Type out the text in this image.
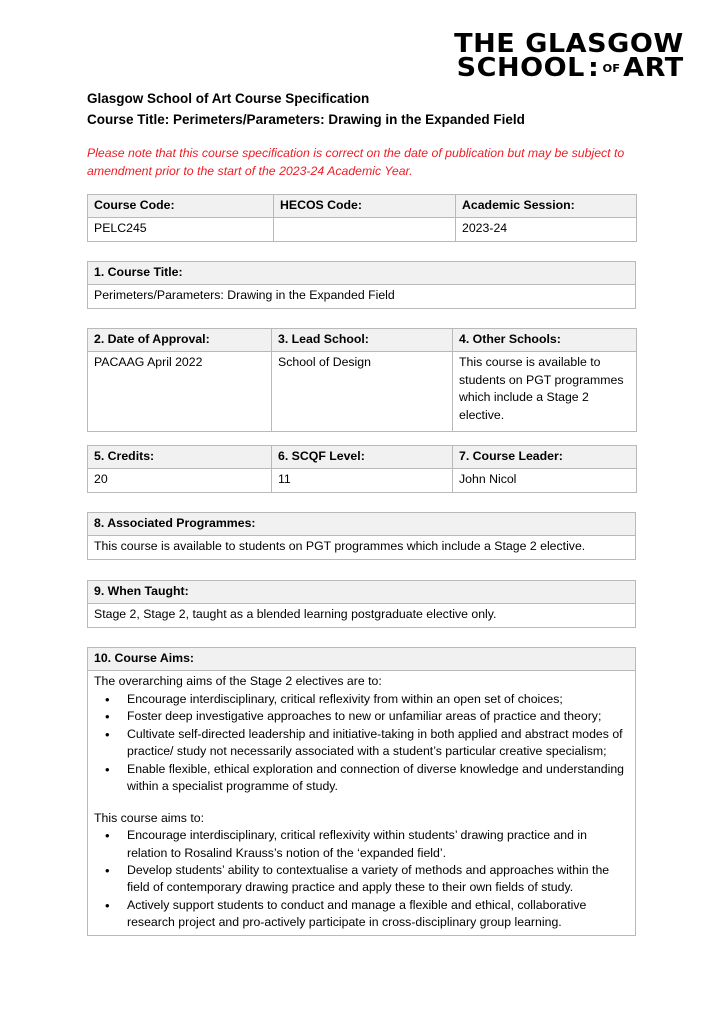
THE GLASGOW
SCHOOL : OF ART
Glasgow School of Art Course Specification
Course Title: Perimeters/Parameters: Drawing in the Expanded Field
Please note that this course specification is correct on the date of publication but may be subject to amendment prior to the start of the 2023-24 Academic Year.
Course Code:	HECOS Code:	Academic Session:
PELC245		2023-24
1. Course Title:
Perimeters/Parameters: Drawing in the Expanded Field
2. Date of Approval:	3. Lead School:	4. Other Schools:
PACAAG April 2022	School of Design	This course is available to students on PGT programmes which include a Stage 2 elective.
5. Credits:	6. SCQF Level:	7. Course Leader:
20	11	John Nicol
8. Associated Programmes:
This course is available to students on PGT programmes which include a Stage 2 elective.
9. When Taught:
Stage 2, Stage 2, taught as a blended learning postgraduate elective only.
10. Course Aims:

The overarching aims of the Stage 2 electives are to:

• Encourage interdisciplinary, critical reflexivity from within an open set of choices;
• Foster deep investigative approaches to new or unfamiliar areas of practice and theory;
• Cultivate self-directed leadership and initiative-taking in both applied and abstract modes of practice/ study not necessarily associated with a student’s particular creative specialism;
• Enable flexible, ethical exploration and connection of diverse knowledge and understanding within a specialist programme of study.

This course aims to:

• Encourage interdisciplinary, critical reflexivity within students’ drawing practice and in relation to Rosalind Krauss’s notion of the ‘expanded field’.
• Develop students’ ability to contextualise a variety of methods and approaches within the field of contemporary drawing practice and apply these to their own fields of study.
• Actively support students to conduct and manage a flexible and ethical, collaborative research project and pro-actively participate in cross-disciplinary group learning.
